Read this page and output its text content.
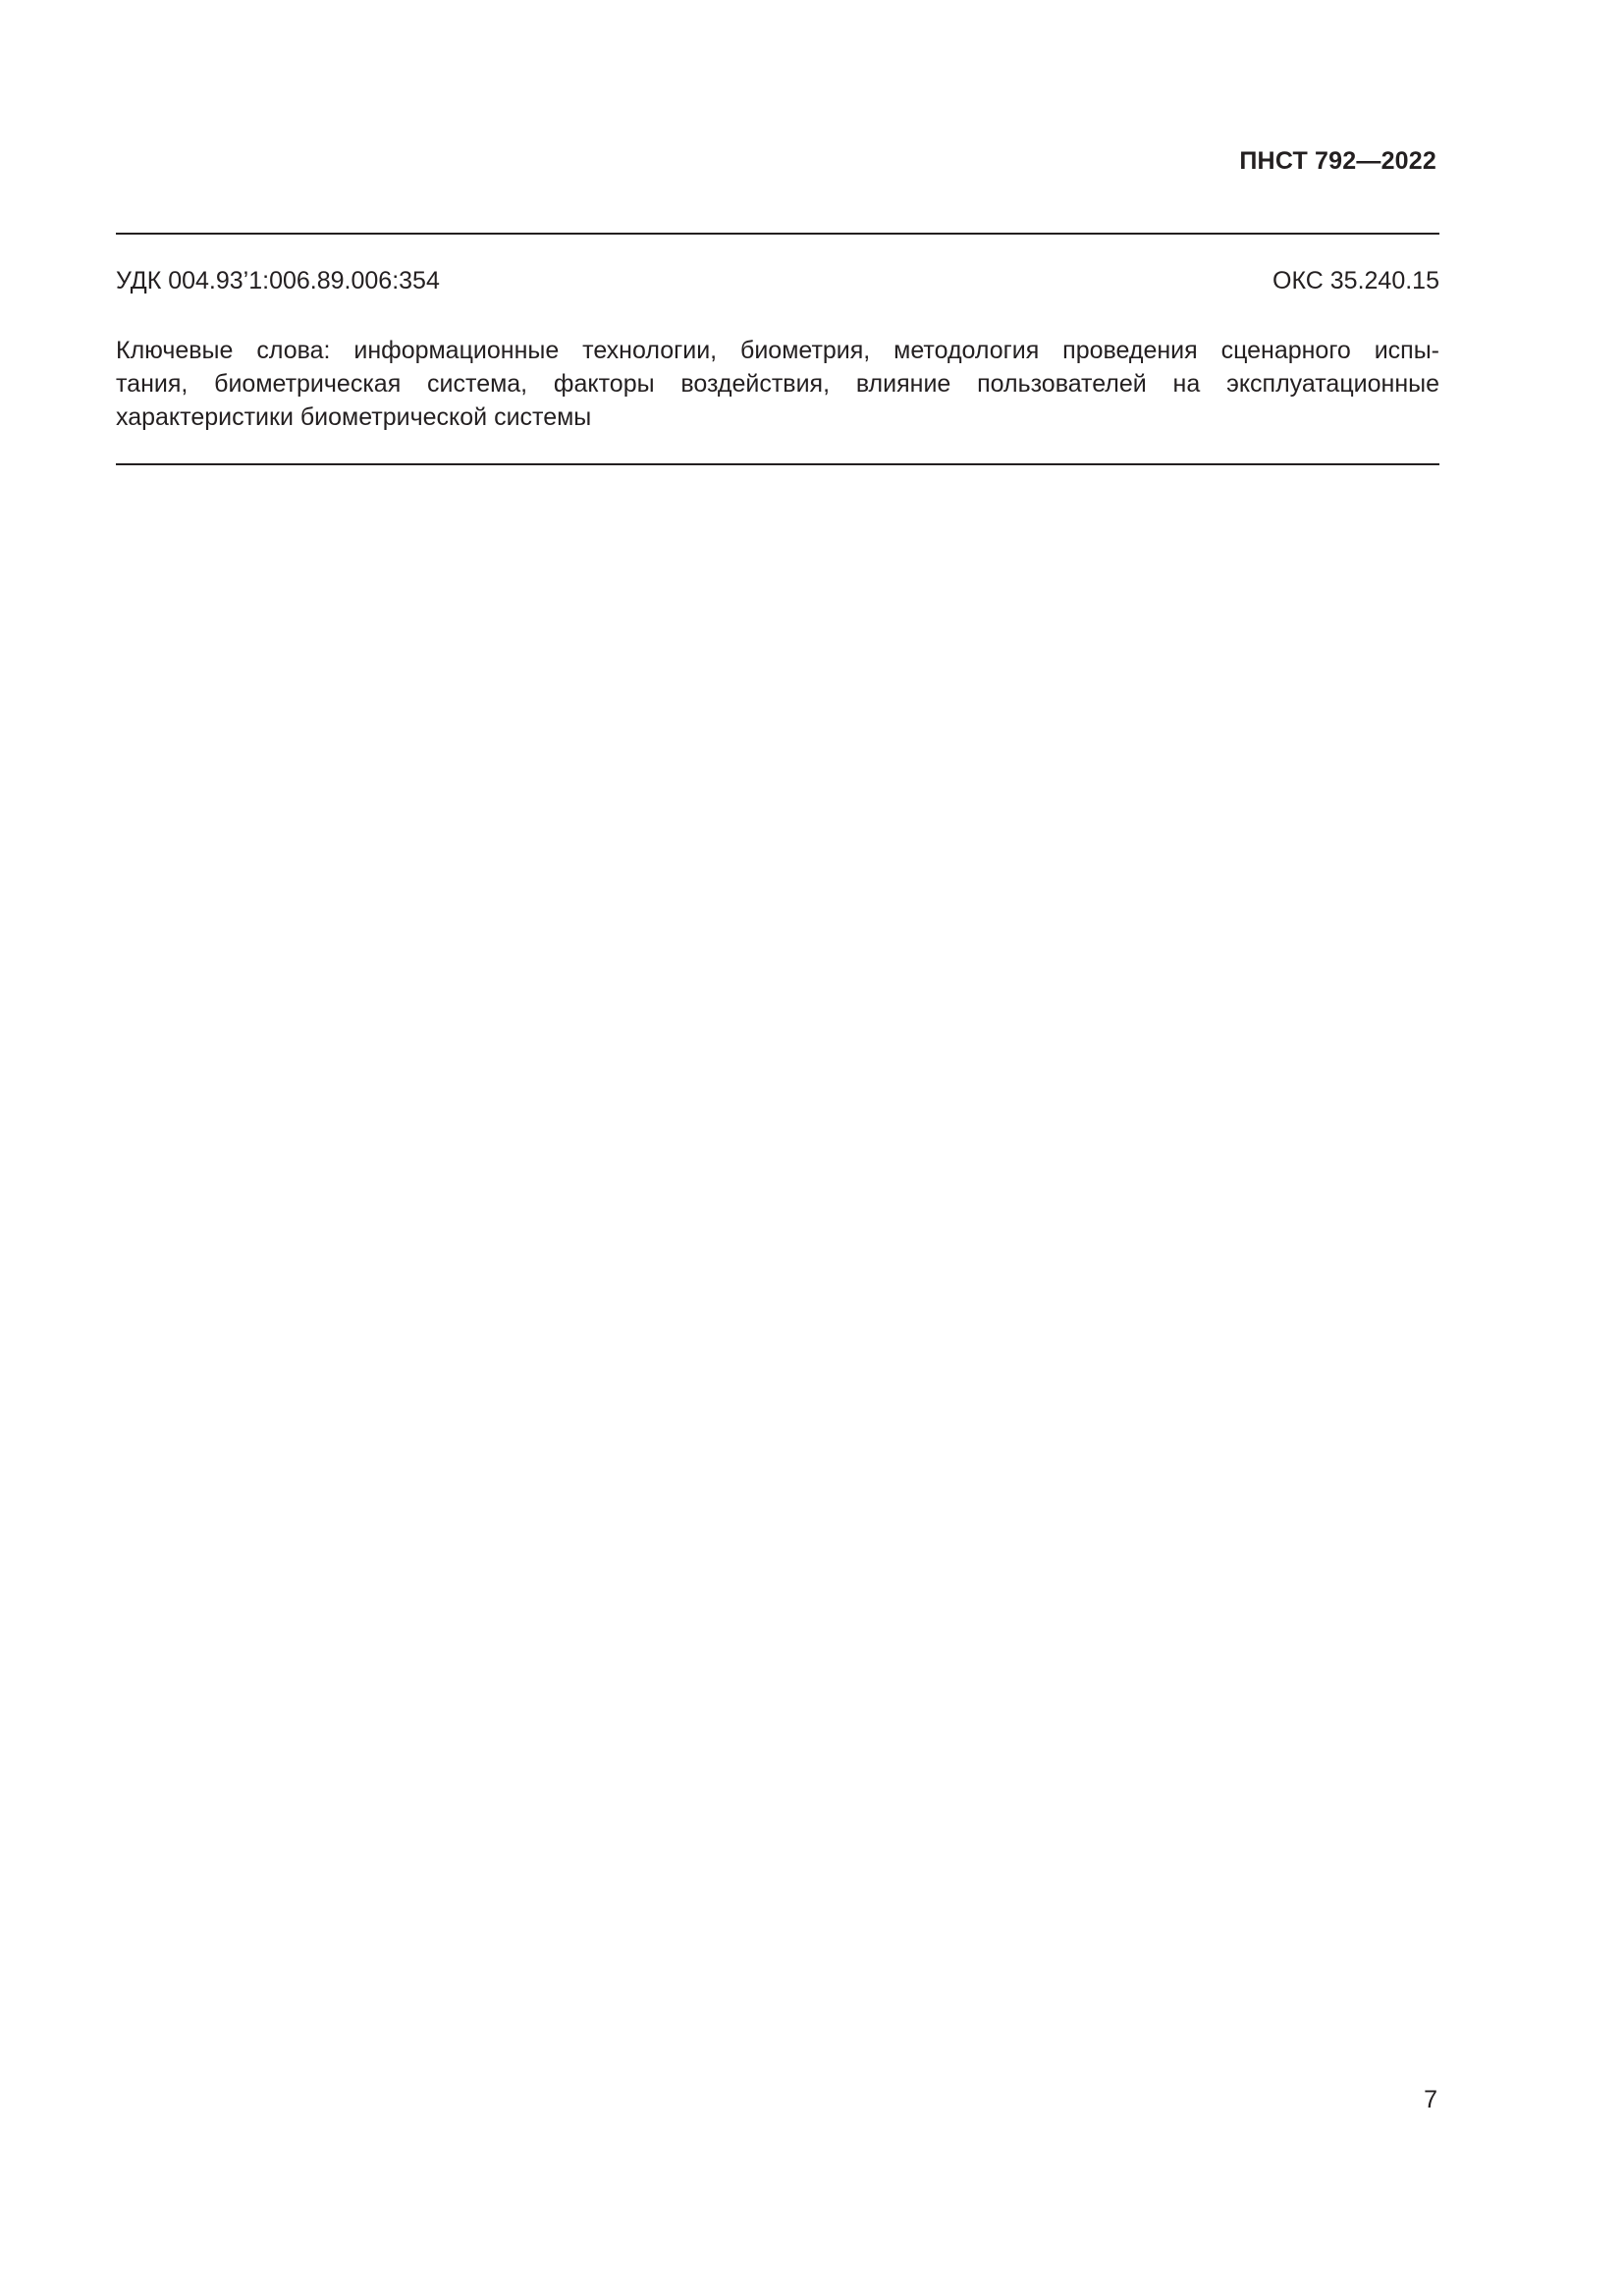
ПНСТ 792—2022
УДК 004.93’1:006.89.006:354	ОКС 35.240.15
Ключевые слова: информационные технологии, биометрия, методология проведения сценарного испы-
тания, биометрическая система, факторы воздействия, влияние пользователей на эксплуатационные
характеристики биометрической системы
7
